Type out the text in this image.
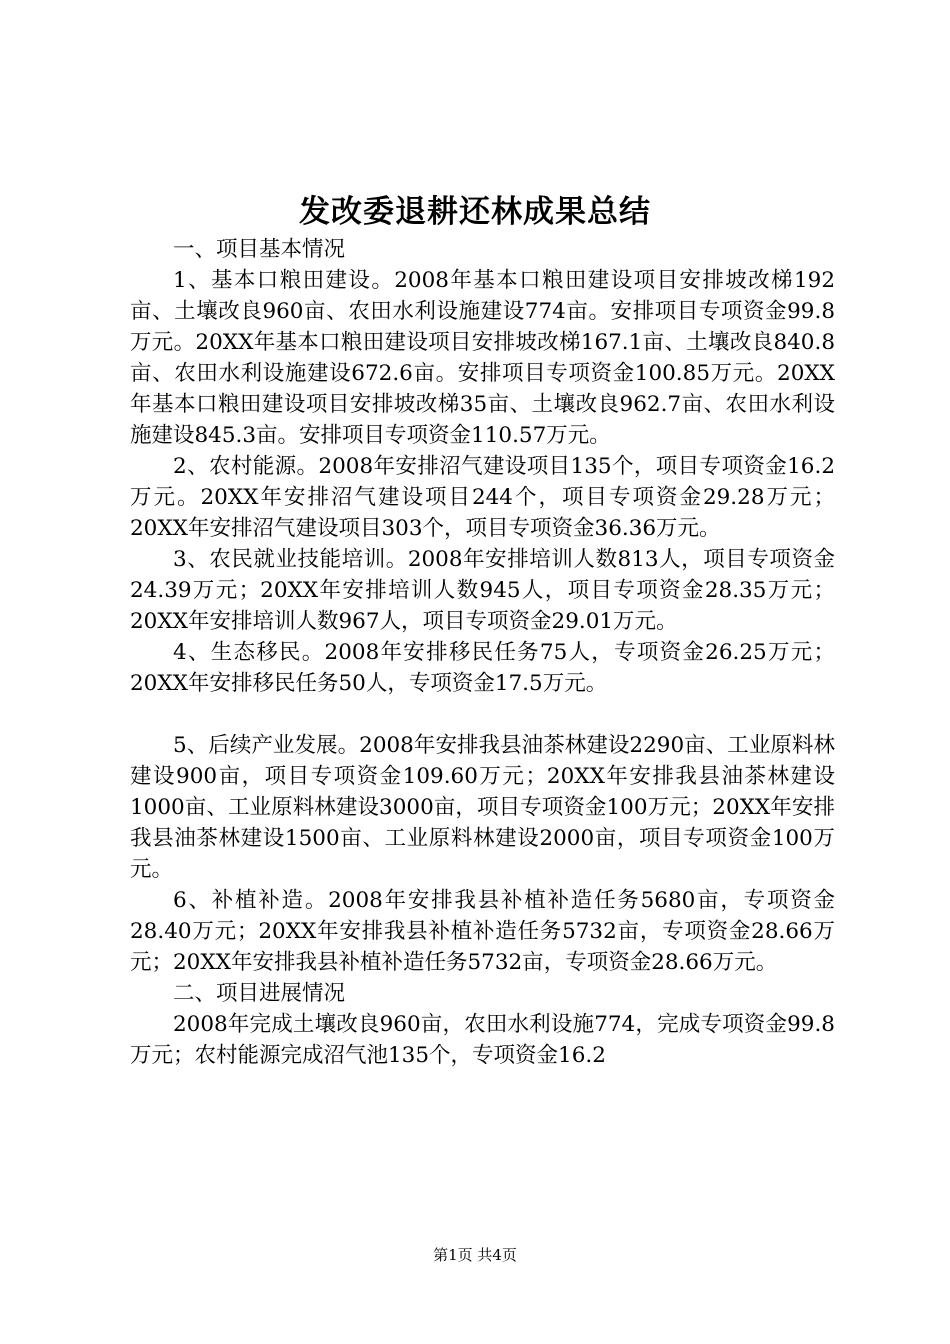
发改委退耕还林成果总结

一、项目基本情况

1、基本口粮田建设。2008年基本口粮田建设项目安排坡改梯192亩、土壤改良960亩、农田水利设施建设774亩。安排项目专项资金99.8万元。20XX年基本口粮田建设项目安排坡改梯167.1亩、土壤改良840.8亩、农田水利设施建设672.6亩。安排项目专项资金100.85万元。20XX年基本口粮田建设项目安排坡改梯35亩、土壤改良962.7亩、农田水利设施建设845.3亩。安排项目专项资金110.57万元。

2、农村能源。2008年安排沼气建设项目135个，项目专项资金16.2万元。20XX年安排沼气建设项目244个，项目专项资金29.28万元；20XX年安排沼气建设项目303个，项目专项资金36.36万元。

3、农民就业技能培训。2008年安排培训人数813人，项目专项资金24.39万元；20XX年安排培训人数945人，项目专项资金28.35万元；20XX年安排培训人数967人，项目专项资金29.01万元。

4、生态移民。2008年安排移民任务75人，专项资金26.25万元；20XX年安排移民任务50人，专项资金17.5万元。

5、后续产业发展。2008年安排我县油茶林建设2290亩、工业原料林建设900亩，项目专项资金109.60万元；20XX年安排我县油茶林建设1000亩、工业原料林建设3000亩，项目专项资金100万元；20XX年安排我县油茶林建设1500亩、工业原料林建设2000亩，项目专项资金100万元。

6、补植补造。2008年安排我县补植补造任务5680亩，专项资金28.40万元；20XX年安排我县补植补造任务5732亩，专项资金28.66万元；20XX年安排我县补植补造任务5732亩，专项资金28.66万元。

二、项目进展情况

2008年完成土壤改良960亩，农田水利设施774，完成专项资金99.8万元；农村能源完成沼气池135个，专项资金16.2

第1页 共4页
